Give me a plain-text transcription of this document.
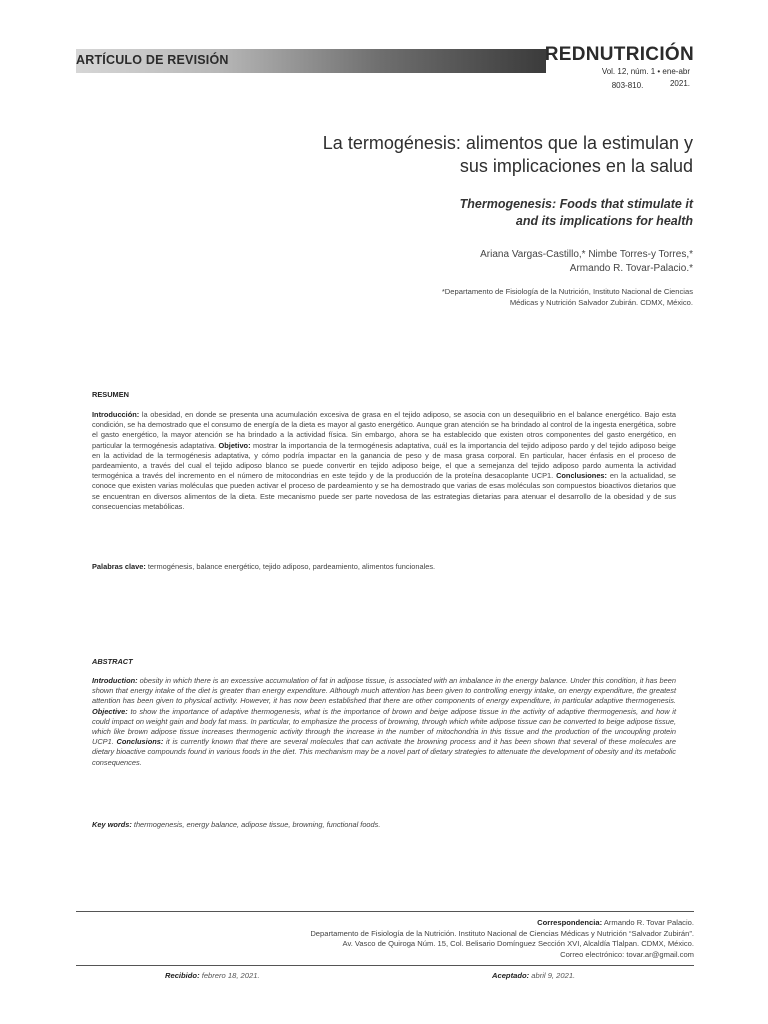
ARTÍCULO DE REVISIÓN	REDNUTRICIÓN
Vol. 12, núm. 1 • ene-abr 2021.
803-810.
La termogénesis: alimentos que la estimulan y
sus implicaciones en la salud
Thermogenesis: Foods that stimulate it
and its implications for health
Ariana Vargas-Castillo,* Nimbe Torres-y Torres,*
Armando R. Tovar-Palacio.*
*Departamento de Fisiología de la Nutrición, Instituto Nacional de Ciencias
Médicas y Nutrición Salvador Zubirán. CDMX, México.
RESUMEN
Introducción: la obesidad, en donde se presenta una acumulación excesiva de grasa en el tejido adiposo, se asocia con un desequilibrio en el balance energético. Bajo esta condición, se ha demostrado que el consumo de energía de la dieta es mayor al gasto energético. Aunque gran atención se ha brindado al control de la ingesta energética, sobre el gasto energético, la mayor atención se ha brindado a la actividad física. Sin embargo, ahora se ha establecido que existen otros componentes del gasto energético, en particular la termogénesis adaptativa. Objetivo: mostrar la importancia de la termogénesis adaptativa, cuál es la importancia del tejido adiposo pardo y del tejido adiposo beige en la actividad de la termogénesis adaptativa, y cómo podría impactar en la ganancia de peso y de masa grasa corporal. En particular, hacer énfasis en el proceso de pardeamiento, a través del cual el tejido adiposo blanco se puede convertir en tejido adiposo beige, el que a semejanza del tejido adiposo pardo aumenta la actividad termogénica a través del incremento en el número de mitocondrias en este tejido y de la producción de la proteína desacoplante UCP1. Conclusiones: en la actualidad, se conoce que existen varias moléculas que pueden activar el proceso de pardeamiento y se ha demostrado que varias de esas moléculas son compuestos bioactivos dietarios que se encuentran en diversos alimentos de la dieta. Este mecanismo puede ser parte novedosa de las estrategias dietarias para atenuar el desarrollo de la obesidad y de sus consecuencias metabólicas.
Palabras clave: termogénesis, balance energético, tejido adiposo, pardeamiento, alimentos funcionales.
ABSTRACT
Introduction: obesity in which there is an excessive accumulation of fat in adipose tissue, is associated with an imbalance in the energy balance. Under this condition, it has been shown that energy intake of the diet is greater than energy expenditure. Although much attention has been given to controlling energy intake, on energy expenditure, the greatest attention has been given to physical activity. However, it has now been established that there are other components of energy expenditure, in particular adaptive thermogenesis. Objective: to show the importance of adaptive thermogenesis, what is the importance of brown and beige adipose tissue in the activity of adaptive thermogenesis, and how it could impact on weight gain and body fat mass. In particular, to emphasize the process of browning, through which white adipose tissue can be converted to beige adipose tissue, which like brown adipose tissue increases thermogenic activity through the increase in the number of mitochondria in this tissue and the production of the uncoupling protein UCP1. Conclusions: it is currently known that there are several molecules that can activate the browning process and it has been shown that several of these molecules are dietary bioactive compounds found in various foods in the diet. This mechanism may be a novel part of dietary strategies to attenuate the development of obesity and its metabolic consequences.
Key words: thermogenesis, energy balance, adipose tissue, browning, functional foods.
Correspondencia: Armando R. Tovar Palacio.
Departamento de Fisiología de la Nutrición. Instituto Nacional de Ciencias Médicas y Nutrición “Salvador Zubirán”.
Av. Vasco de Quiroga Núm. 15, Col. Belisario Domínguez Sección XVI, Alcaldía Tlalpan. CDMX, México.
Correo electrónico: tovar.ar@gmail.com
Recibido: febrero 18, 2021.	Aceptado: abril 9, 2021.
